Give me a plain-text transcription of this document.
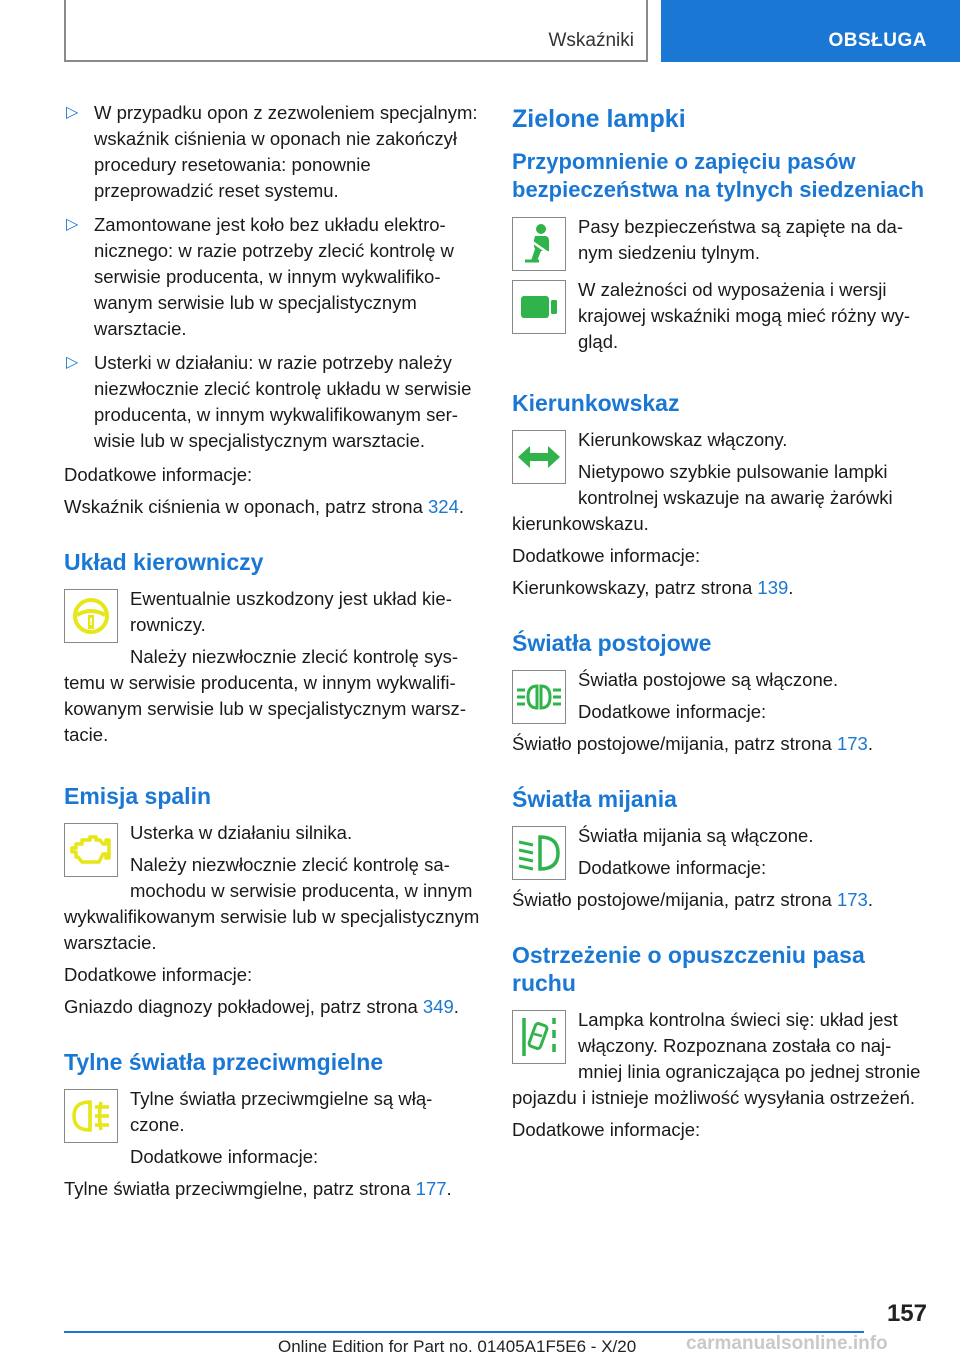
Wskaźniki	OBSŁUGA
▷ W przypadku opon z zezwoleniem specjalnym: wskaźnik ciśnienia w oponach nie zakończył procedury resetowania: ponownie przeprowadzić reset systemu.
▷ Zamontowane jest koło bez układu elektronicznego: w razie potrzeby zlecić kontrolę w serwisie producenta, w innym wykwalifikowanym serwisie lub w specjalistycznym warsztacie.
▷ Usterki w działaniu: w razie potrzeby należy niezwłocznie zlecić kontrolę układu w serwisie producenta, w innym wykwalifikowanym serwisie lub w specjalistycznym warsztacie.

Dodatkowe informacje:

Wskaźnik ciśnienia w oponach, patrz strona 324.

Układ kierowniczy
!

Ewentualnie uszkodzony jest układ kierowniczy.

Należy niezwłocznie zlecić kontrolę systemu w serwisie producenta, w innym wykwalifikowanym serwisie lub w specjalistycznym warsztacie.

Emisja spalin

Usterka w działaniu silnika.

Należy niezwłocznie zlecić kontrolę samochodu w serwisie producenta, w innym wykwalifikowanym serwisie lub w specjalistycznym warsztacie.

Dodatkowe informacje:

Gniazdo diagnozy pokładowej, patrz strona 349.

Tylne światła przeciwmgielne

Tylne światła przeciwmgielne są włączone.

Dodatkowe informacje:

Tylne światła przeciwmgielne, patrz strona 177.

Zielone lampki
Przypomnienie o zapięciu pasów bezpieczeństwa na tylnych siedzeniach

Pasy bezpieczeństwa są zapięte na danym siedzeniu tylnym.

W zależności od wyposażenia i wersji krajowej wskaźniki mogą mieć różny wygląd.

Kierunkowskaz

Kierunkowskaz włączony.

Nietypowo szybkie pulsowanie lampki kontrolnej wskazuje na awarię żarówki kierunkowskazu.

Dodatkowe informacje:

Kierunkowskazy, patrz strona 139.

Światła postojowe

Światła postojowe są włączone.

Dodatkowe informacje:

Światło postojowe/mijania, patrz strona 173.

Światła mijania

Światła mijania są włączone.

Dodatkowe informacje:

Światło postojowe/mijania, patrz strona 173.

Ostrzeżenie o opuszczeniu pasa ruchu

Lampka kontrolna świeci się: układ jest włączony. Rozpoznana została co najmniej linia ograniczająca po jednej stronie pojazdu i istnieje możliwość wysyłania ostrzeżeń.

Dodatkowe informacje:

157
Online Edition for Part no. 01405A1F5E6 - X/20	carmanualsonline.info
